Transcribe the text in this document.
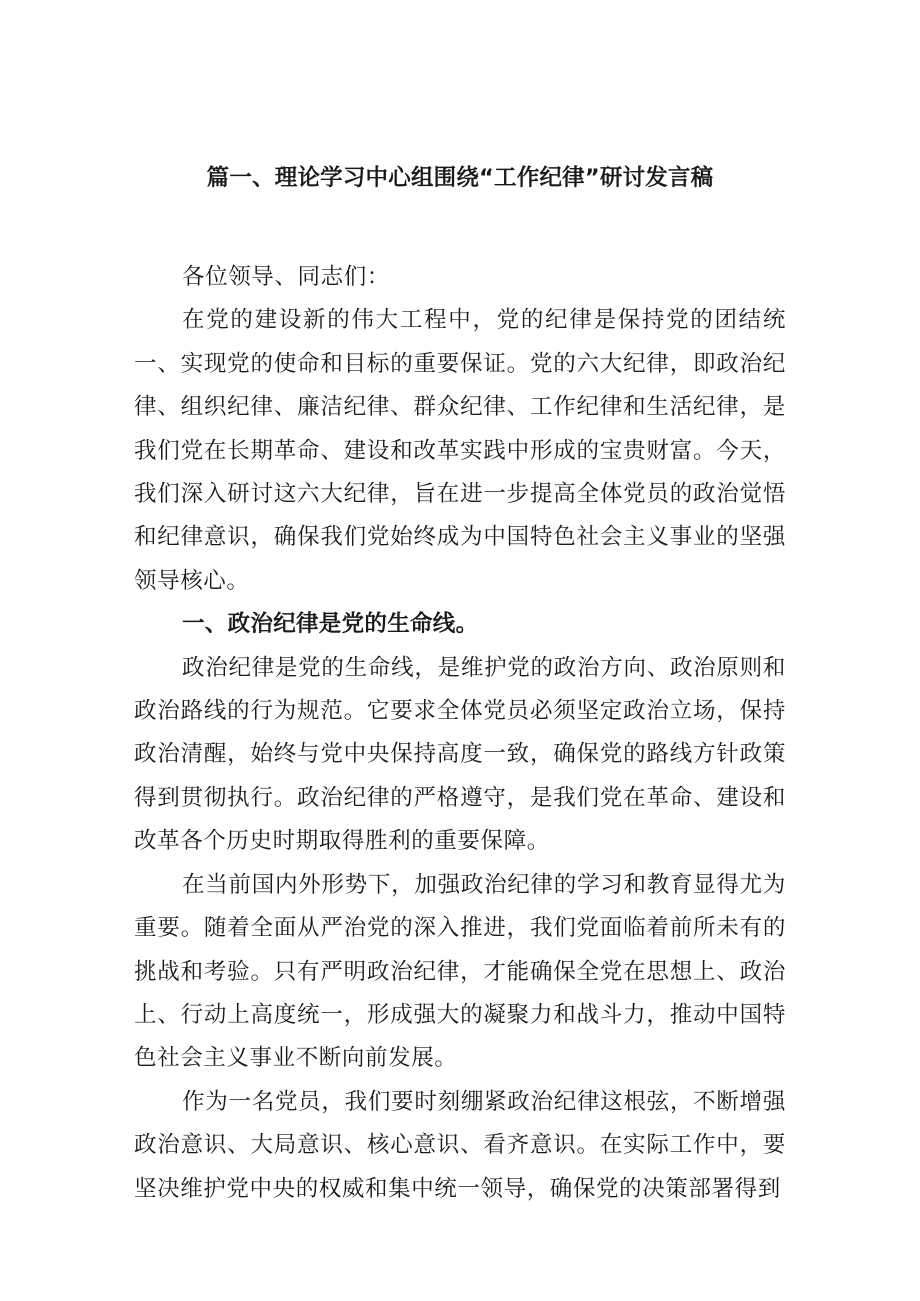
篇一、理论学习中心组围绕“工作纪律”研讨发言稿

各位领导、同志们：

在党的建设新的伟大工程中，党的纪律是保持党的团结统一、实现党的使命和目标的重要保证。党的六大纪律，即政治纪律、组织纪律、廉洁纪律、群众纪律、工作纪律和生活纪律，是我们党在长期革命、建设和改革实践中形成的宝贵财富。今天，我们深入研讨这六大纪律，旨在进一步提高全体党员的政治觉悟和纪律意识，确保我们党始终成为中国特色社会主义事业的坚强领导核心。

一、政治纪律是党的生命线。

政治纪律是党的生命线，是维护党的政治方向、政治原则和政治路线的行为规范。它要求全体党员必须坚定政治立场，保持政治清醒，始终与党中央保持高度一致，确保党的路线方针政策得到贯彻执行。政治纪律的严格遵守，是我们党在革命、建设和改革各个历史时期取得胜利的重要保障。

在当前国内外形势下，加强政治纪律的学习和教育显得尤为重要。随着全面从严治党的深入推进，我们党面临着前所未有的挑战和考验。只有严明政治纪律，才能确保全党在思想上、政治上、行动上高度统一，形成强大的凝聚力和战斗力，推动中国特色社会主义事业不断向前发展。

作为一名党员，我们要时刻绷紧政治纪律这根弦，不断增强政治意识、大局意识、核心意识、看齐意识。在实际工作中，要坚决维护党中央的权威和集中统一领导，确保党的决策部署得到
